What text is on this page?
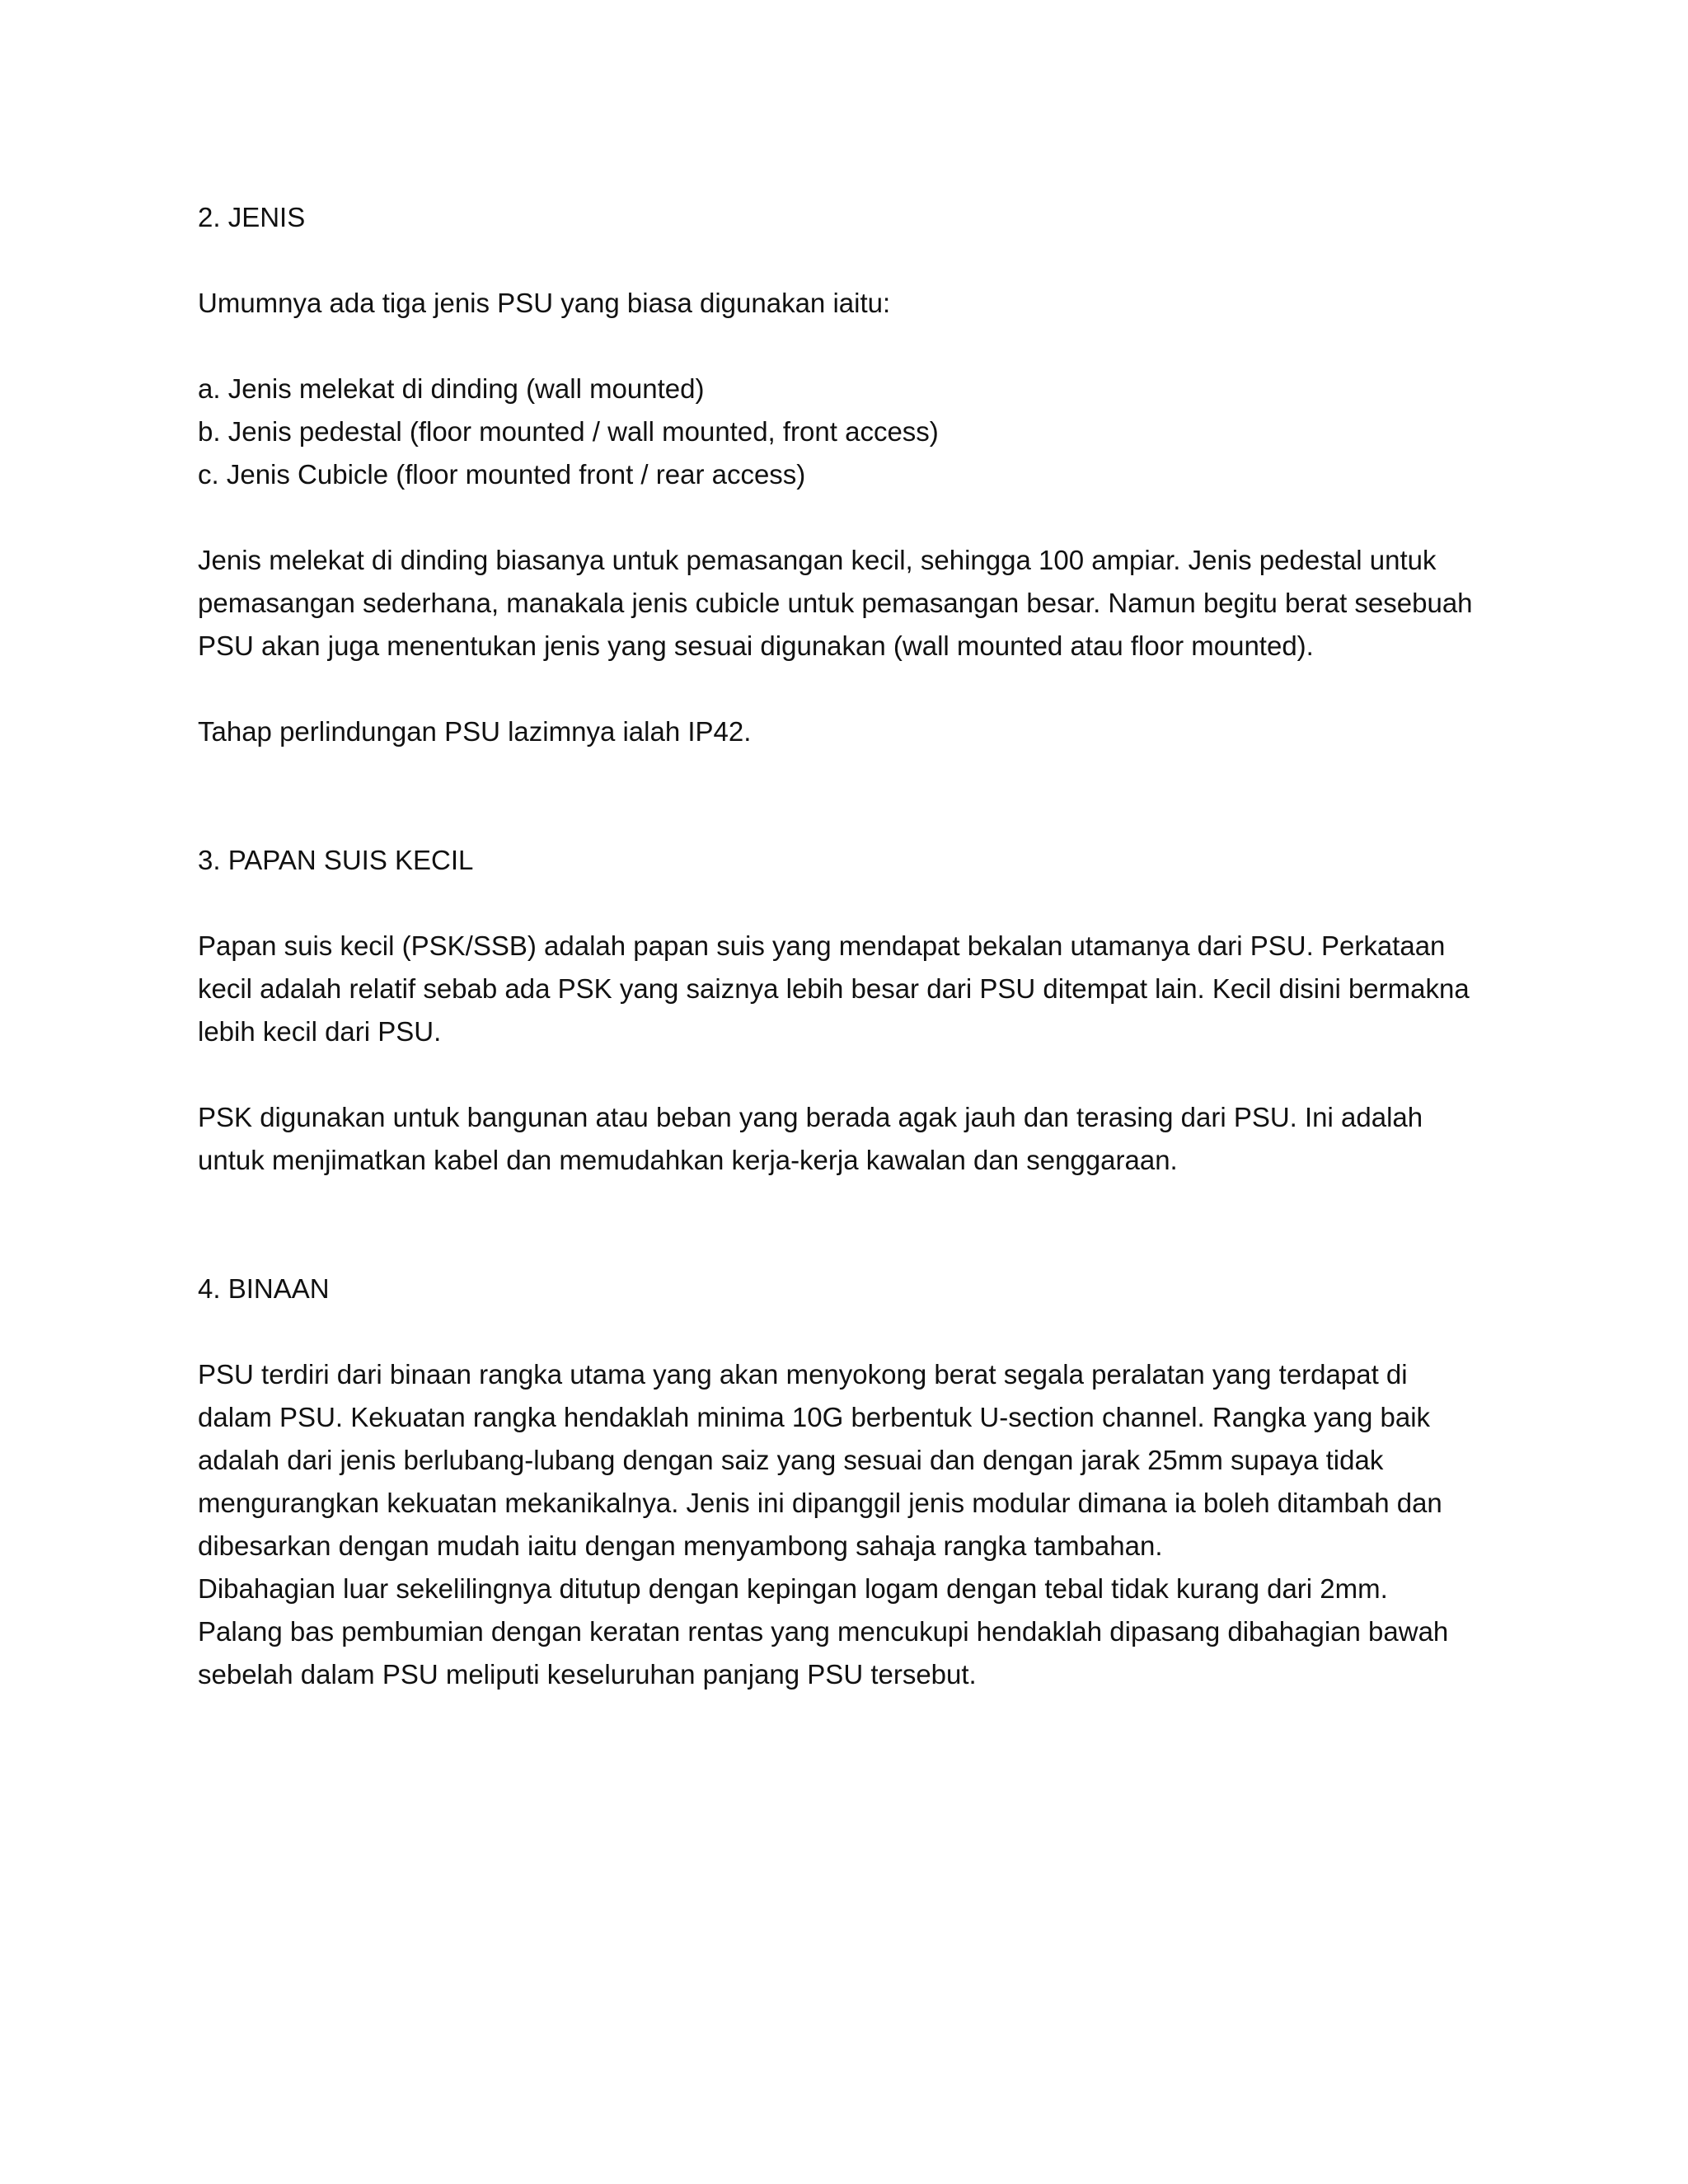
2. JENIS
Umumnya ada tiga jenis PSU yang biasa digunakan iaitu:
a. Jenis melekat di dinding (wall mounted)
b. Jenis pedestal (floor mounted / wall mounted, front access)
c. Jenis Cubicle (floor mounted front / rear access)
Jenis melekat di dinding biasanya untuk pemasangan kecil, sehingga 100 ampiar. Jenis pedestal untuk
pemasangan sederhana, manakala jenis cubicle untuk pemasangan besar. Namun begitu berat sesebuah
PSU akan juga menentukan jenis yang sesuai digunakan (wall mounted atau floor mounted).
Tahap perlindungan PSU lazimnya ialah IP42.
3. PAPAN SUIS KECIL
Papan suis kecil (PSK/SSB) adalah papan suis yang mendapat bekalan utamanya dari PSU. Perkataan
kecil adalah relatif sebab ada PSK yang saiznya lebih besar dari PSU ditempat lain. Kecil disini bermakna
lebih kecil dari PSU.
PSK digunakan untuk bangunan atau beban yang berada agak jauh dan terasing dari PSU. Ini adalah
untuk menjimatkan kabel dan memudahkan kerja-kerja kawalan dan senggaraan.
4. BINAAN
PSU terdiri dari binaan rangka utama yang akan menyokong berat segala peralatan yang terdapat di
dalam PSU. Kekuatan rangka hendaklah minima 10G berbentuk U-section channel. Rangka yang baik
adalah dari jenis berlubang-lubang dengan saiz yang sesuai dan dengan jarak 25mm supaya tidak
mengurangkan kekuatan mekanikalnya. Jenis ini dipanggil jenis modular dimana ia boleh ditambah dan
dibesarkan dengan mudah iaitu dengan menyambong sahaja rangka tambahan.
Dibahagian luar sekelilingnya ditutup dengan kepingan logam dengan tebal tidak kurang dari 2mm.
Palang bas pembumian dengan keratan rentas yang mencukupi hendaklah dipasang dibahagian bawah
sebelah dalam PSU meliputi keseluruhan panjang PSU tersebut.
